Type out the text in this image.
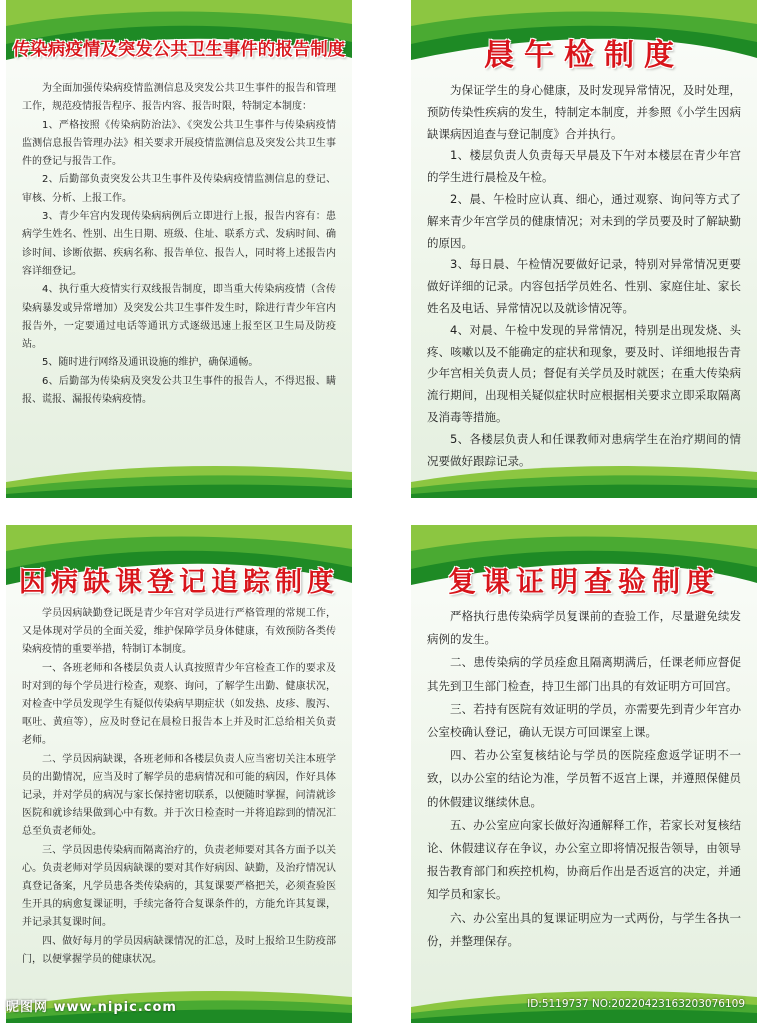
传染病疫情及突发公共卫生事件的报告制度

为全面加强传染病疫情监测信息及突发公共卫生事件的报告和管理工作，规范疫情报告程序、报告内容、报告时限，特制定本制度：

1、严格按照《传染病防治法》、《突发公共卫生事件与传染病疫情监测信息报告管理办法》相关要求开展疫情监测信息及突发公共卫生事件的登记与报告工作。

2、后勤部负责突发公共卫生事件及传染病疫情监测信息的登记、审核、分析、上报工作。

3、青少年宫内发现传染病病例后立即进行上报，报告内容有：患病学生姓名、性别、出生日期、班级、住址、联系方式、发病时间、确诊时间、诊断依据、疾病名称、报告单位、报告人，同时将上述报告内容详细登记。

4、执行重大疫情实行双线报告制度，即当重大传染病疫情（含传染病暴发或异常增加）及突发公共卫生事件发生时，除进行青少年宫内报告外，一定要通过电话等通讯方式逐级迅速上报至区卫生局及防疫站。

5、随时进行网络及通讯设施的维护，确保通畅。

6、后勤部为传染病及突发公共卫生事件的报告人，不得迟报、瞒报、谎报、漏报传染病疫情。

晨午检制度

为保证学生的身心健康，及时发现异常情况，及时处理，预防传染性疾病的发生，特制定本制度，并参照《小学生因病缺课病因追查与登记制度》合并执行。

1、楼层负责人负责每天早晨及下午对本楼层在青少年宫的学生进行晨检及午检。

2、晨、午检时应认真、细心，通过观察、询问等方式了解来青少年宫学员的健康情况；对未到的学员要及时了解缺勤的原因。

3、每日晨、午检情况要做好记录，特别对异常情况更要做好详细的记录。内容包括学员姓名、性别、家庭住址、家长姓名及电话、异常情况以及就诊情况等。

4、对晨、午检中发现的异常情况，特别是出现发烧、头疼、咳嗽以及不能确定的症状和现象，要及时、详细地报告青少年宫相关负责人员；督促有关学员及时就医；在重大传染病流行期间，出现相关疑似症状时应根据相关要求立即采取隔离及消毒等措施。

5、各楼层负责人和任课教师对患病学生在治疗期间的情况要做好跟踪记录。

因病缺课登记追踪制度

学员因病缺勤登记既是青少年宫对学员进行严格管理的常规工作，又是体现对学员的全面关爱，维护保障学员身体健康，有效预防各类传染病疫情的重要举措，特制订本制度。

一、各班老师和各楼层负责人认真按照青少年宫检查工作的要求及时对到的每个学员进行检查，观察、询问，了解学生出勤、健康状况，对检查中学员发现学生有疑似传染病早期症状（如发热、皮疹、腹泻、呕吐、黄疸等），应及时登记在晨检日报告本上并及时汇总给相关负责老师。

二、学员因病缺课，各班老师和各楼层负责人应当密切关注本班学员的出勤情况，应当及时了解学员的患病情况和可能的病因，作好具体记录，并对学员的病况与家长保持密切联系，以便随时掌握，问清就诊医院和就诊结果做到心中有数。并于次日检查时一并将追踪到的情况汇总至负责老师处。

三、学员因患传染病而隔离治疗的，负责老师要对其各方面予以关心。负责老师对学员因病缺课的要对其作好病因、缺勤，及治疗情况认真登记备案，凡学员患各类传染病的，其复课要严格把关，必须查验医生开具的病愈复课证明，手续完备符合复课条件的，方能允许其复课，并记录其复课时间。

四、做好每月的学员因病缺课情况的汇总，及时上报给卫生防疫部门，以便掌握学员的健康状况。

复课证明查验制度

严格执行患传染病学员复课前的查验工作，尽量避免续发病例的发生。

二、患传染病的学员痊愈且隔离期满后，任课老师应督促其先到卫生部门检查，持卫生部门出具的有效证明方可回宫。

三、若持有医院有效证明的学员，亦需要先到青少年宫办公室校确认登记，确认无误方可回课室上课。

四、若办公室复核结论与学员的医院痊愈返学证明不一致，以办公室的结论为准，学员暂不返宫上课，并遵照保健员的休假建议继续休息。

五、办公室应向家长做好沟通解释工作，若家长对复核结论、休假建议存在争议，办公室立即将情况报告领导，由领导报告教育部门和疾控机构，协商后作出是否返宫的决定，并通知学员和家长。

六、办公室出具的复课证明应为一式两份，与学生各执一份，并整理保存。

昵图网 www.nipic.com	ID:5119737 NO:20220423163203076109
